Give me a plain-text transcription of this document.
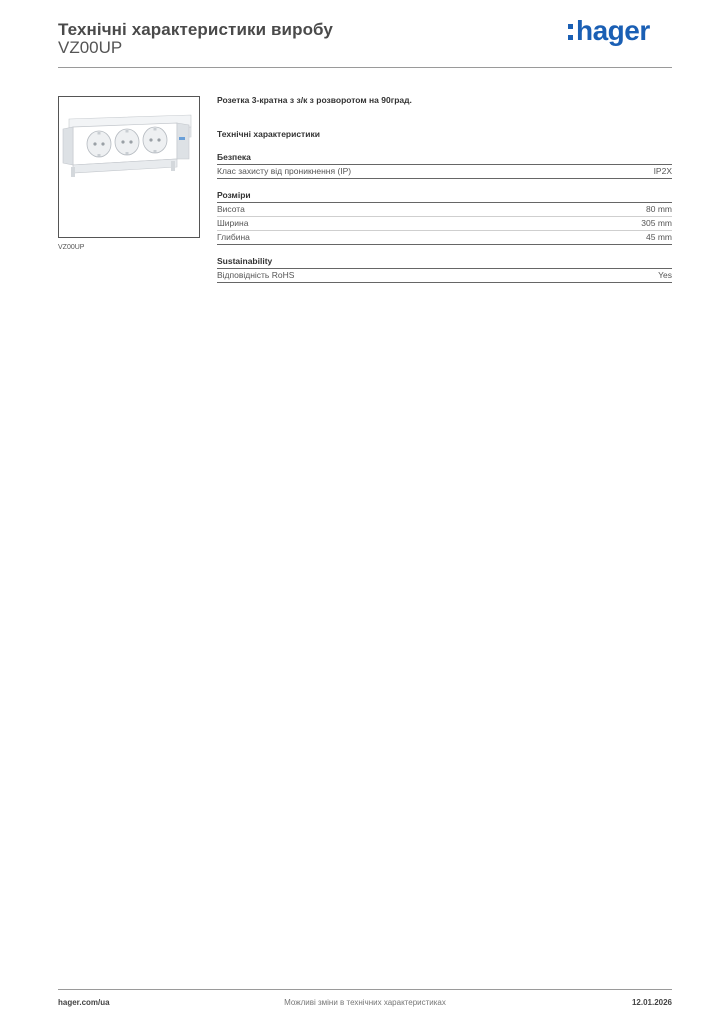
Технічні характеристики виробу
VZ00UP
hager
VZ00UP
Розетка 3-кратна з з/к з розворотом на 90град.
Технічні характеристики
Безпека
Клас захисту від проникнення (IP)	IP2X
Розміри
Висота	80 mm
Ширина	305 mm
Глибина	45 mm
Sustainability
Відповідність RoHS	Yes
Можливі зміни в технічних характеристиках
hager.com/ua	12.01.2026
